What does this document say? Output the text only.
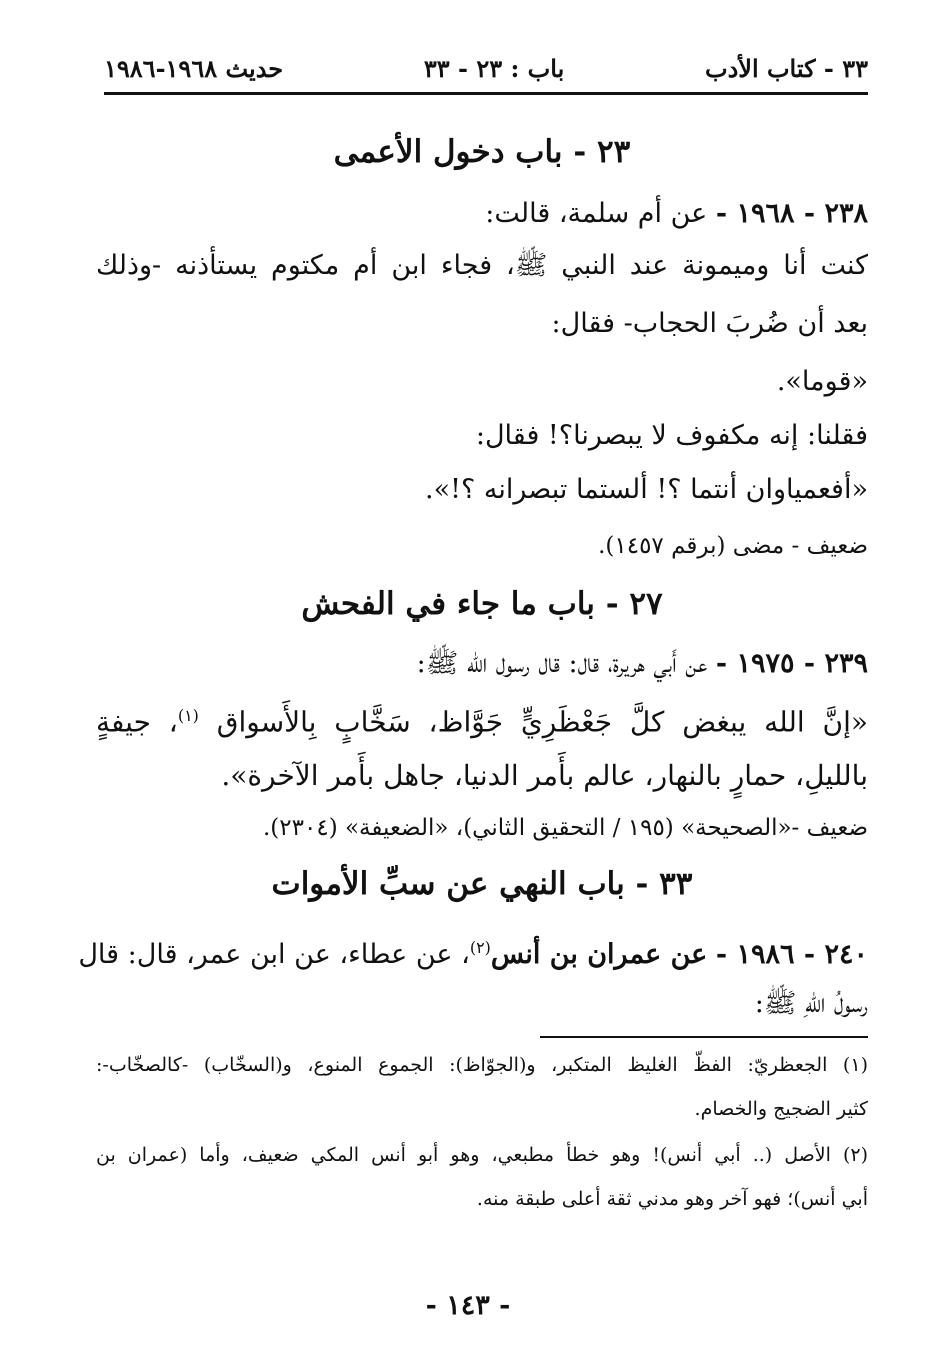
٣٣ - كتاب الأدب
باب : ٢٣ - ٣٣
حديث ١٩٦٨-١٩٨٦
٢٣ - باب دخول الأعمى
٢٣٨ - ١٩٦٨ - عن أم سلمة، قالت:
كنت أنا وميمونة عند النبي ﷺ، فجاء ابن أم مكتوم يستأذنه -وذلك
بعد أن ضُربَ الحجاب- فقال:
«قوما».
فقلنا: إنه مكفوف لا يبصرنا؟! فقال:
«أفعمياوان أنتما ؟! ألستما تبصرانه ؟!».
ضعيف - مضى (برقم ١٤٥٧).
٢٧ - باب ما جاء في الفحش
٢٣٩ - ١٩٧٥ - عن أَبي هريرة، قال: قال رسول الله ﷺ:
«إنَّ الله يبغض كلَّ جَعْظَرِيٍّ جَوَّاظ، سَخَّابٍ بِالأَسواق $^{(١)}$، جيفةٍ
بالليلِ، حمارٍ بالنهار، عالم بأَمر الدنيا، جاهل بأَمر الآخرة».
ضعيف -«الصحيحة» (١٩٥ / التحقيق الثاني)، «الضعيفة» (٢٣٠٤).
٣٣ - باب النهي عن سبِّ الأموات
٢٤٠ - ١٩٨٦ - عن عمران بن أنس$^{(٢)}$، عن عطاء، عن ابن عمر، قال: قال
رسولُ اللهِ ﷺ:
(١) الجعظريّ: الفظّ الغليظ المتكبر، و(الجوّاظ): الجموع المنوع، و(السخّاب) -كالصخّاب-:
كثير الضجيج والخصام.
(٢) الأصل (.. أبي أنس)! وهو خطأ مطبعي، وهو أبو أنس المكي ضعيف، وأما (عمران بن
أبي أنس)؛ فهو آخر وهو مدني ثقة أعلى طبقة منه.
- ١٤٣ -
